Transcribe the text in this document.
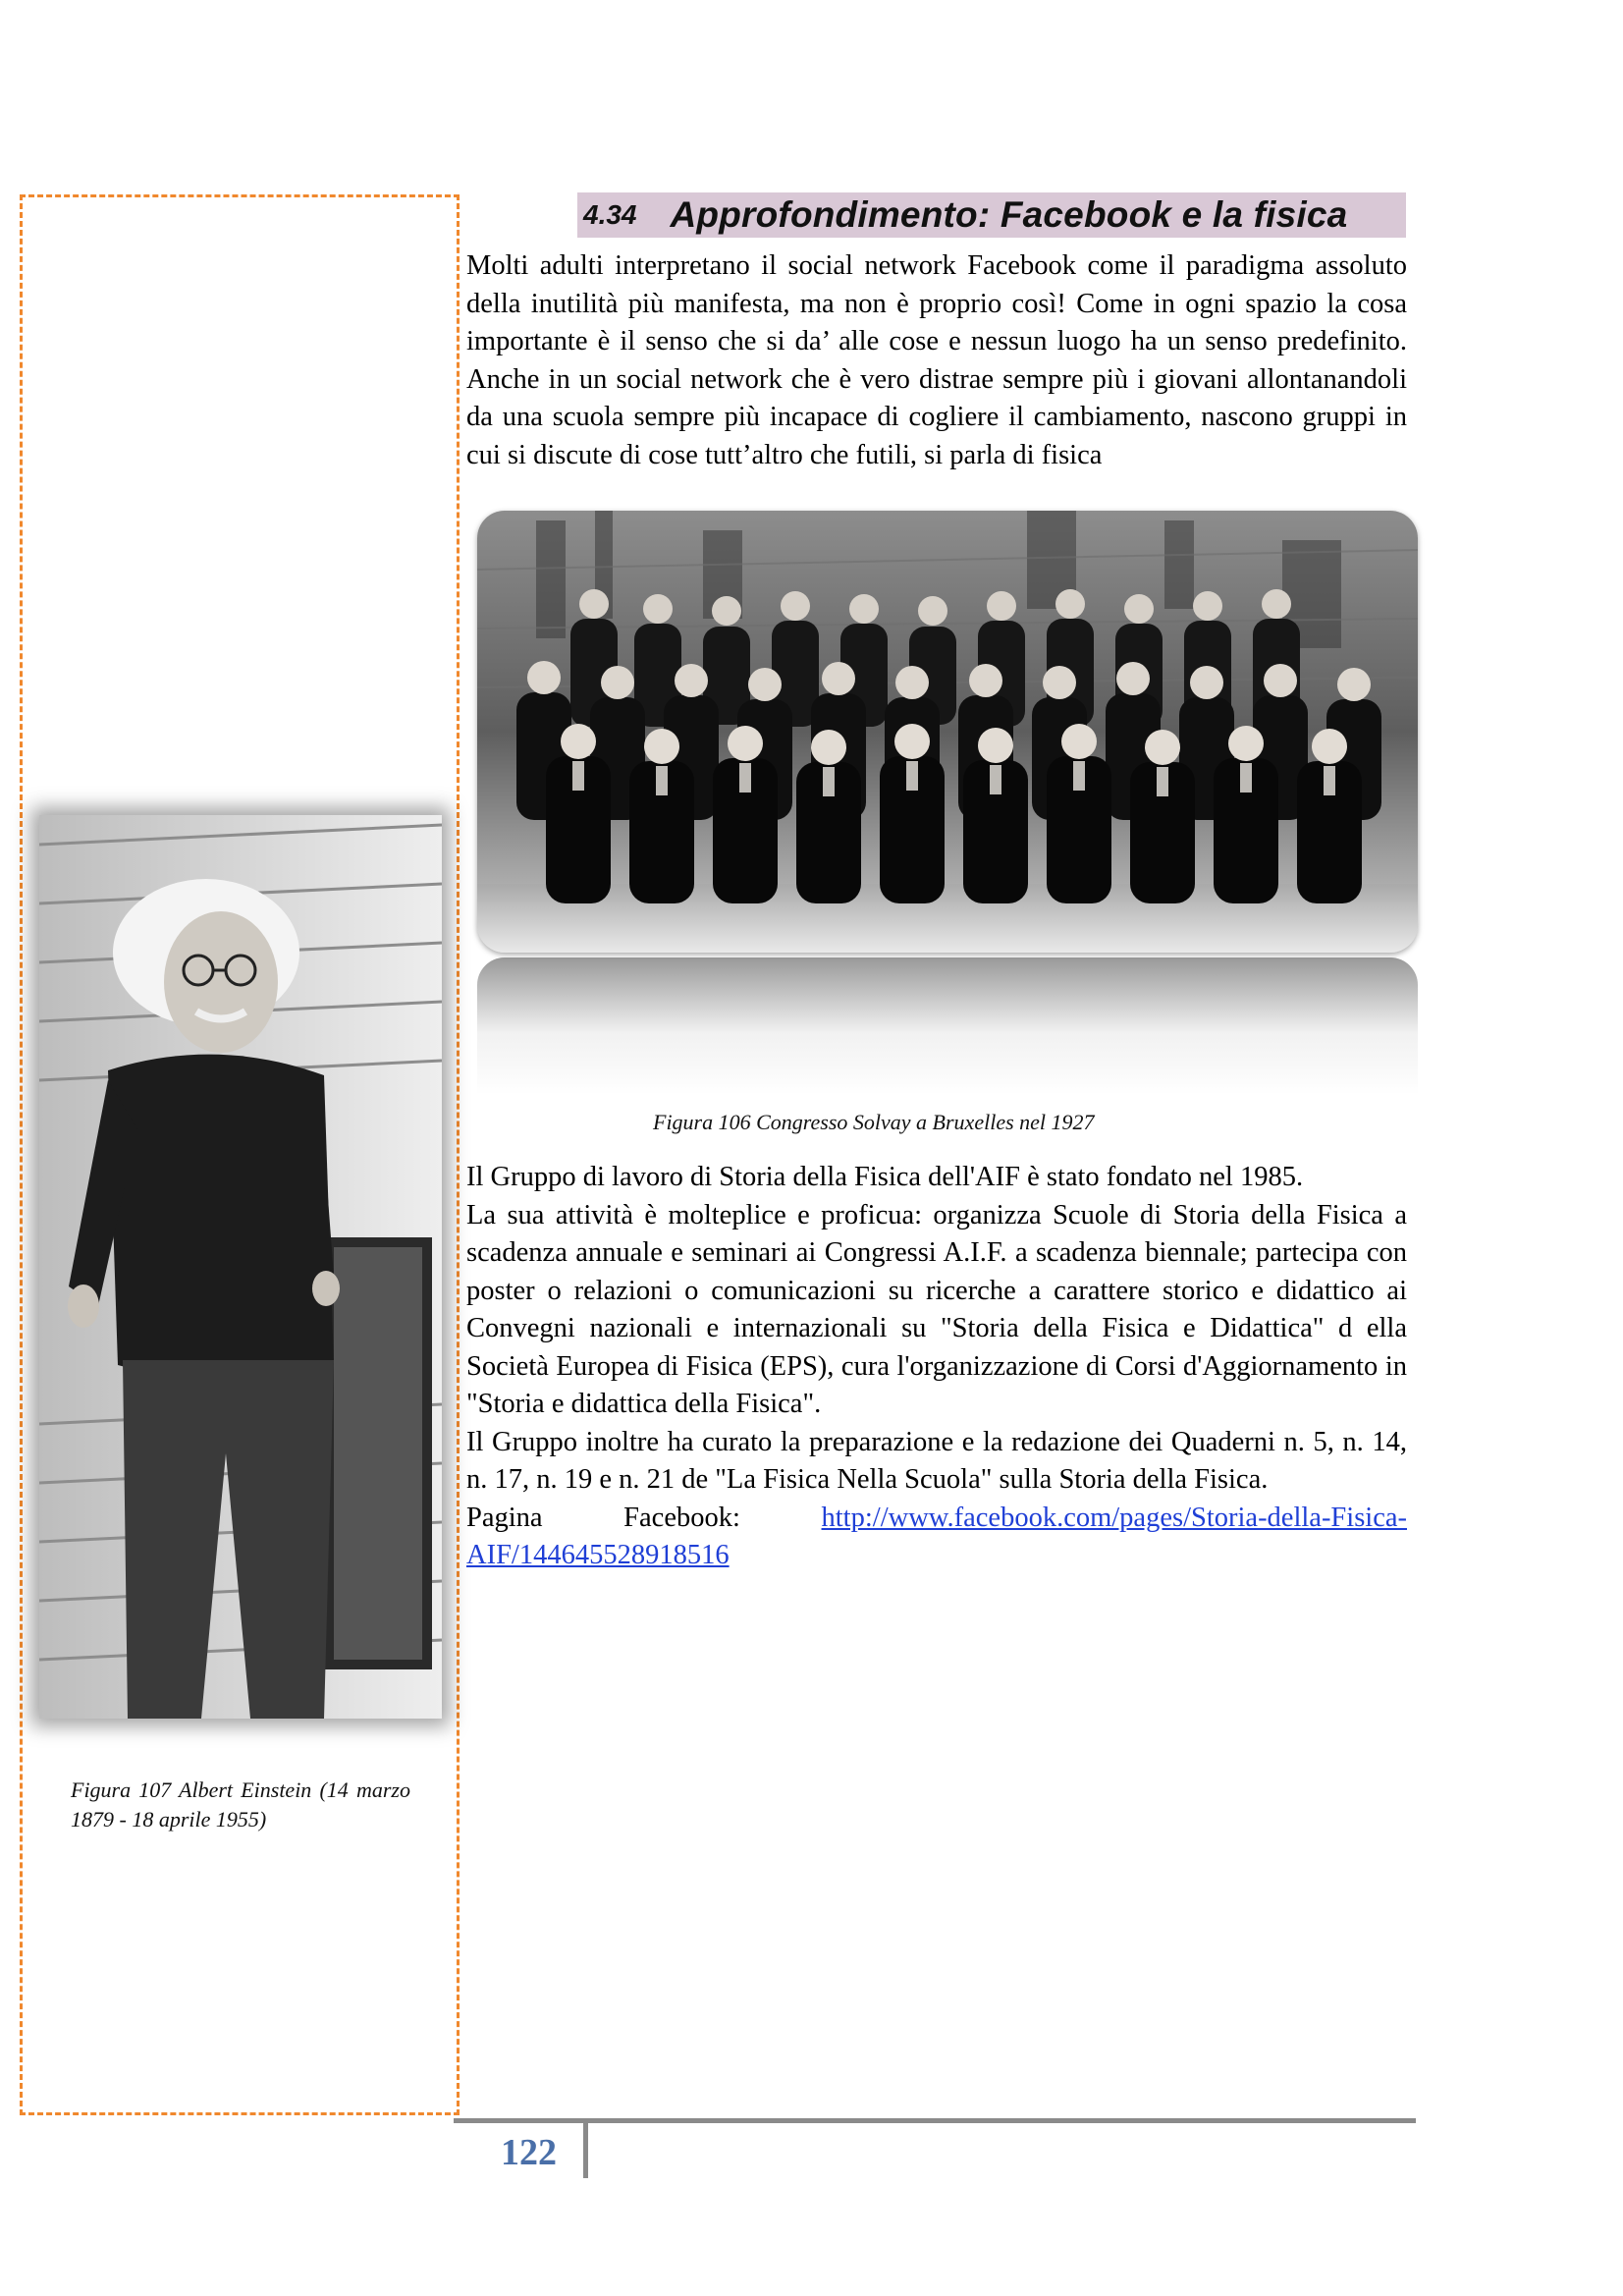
4.34 Approfondimento: Facebook e la fisica

Molti adulti interpretano il social network Facebook come il paradigma assoluto della inutilità più manifesta, ma non è proprio così! Come in ogni spazio la cosa importante è il senso che si da’ alle cose e nessun luogo ha un senso predefinito. Anche in un social network che è vero distrae sempre più i giovani allontanandoli da una scuola sempre più incapace di cogliere il cambiamento, nascono gruppi in cui si discute di cose tutt’altro che futili, si parla di fisica

Figura 106 Congresso Solvay a Bruxelles nel 1927

Il Gruppo di lavoro di Storia della Fisica dell'AIF è stato fondato nel 1985.

La sua attività è molteplice e proficua: organizza Scuole di Storia della Fisica a scadenza annuale e seminari ai Congressi A.I.F. a scadenza biennale; partecipa con poster o relazioni o comunicazioni su ricerche a carattere storico e didattico ai Convegni nazionali e internazionali su "Storia della Fisica e Didattica" d ella Società Europea di Fisica (EPS), cura l'organizzazione di Corsi d'Aggiornamento in "Storia e didattica della Fisica".

Il Gruppo inoltre ha curato la preparazione e la redazione dei Quaderni n. 5, n. 14, n. 17, n. 19 e n. 21 de "La Fisica Nella Scuola" sulla Storia della Fisica.

Pagina Facebook:	http://www.facebook.com/pages/Storia-della-Fisica-AIF/144645528918516

Figura 107 Albert Einstein (14 marzo 1879 - 18 aprile 1955)
122
